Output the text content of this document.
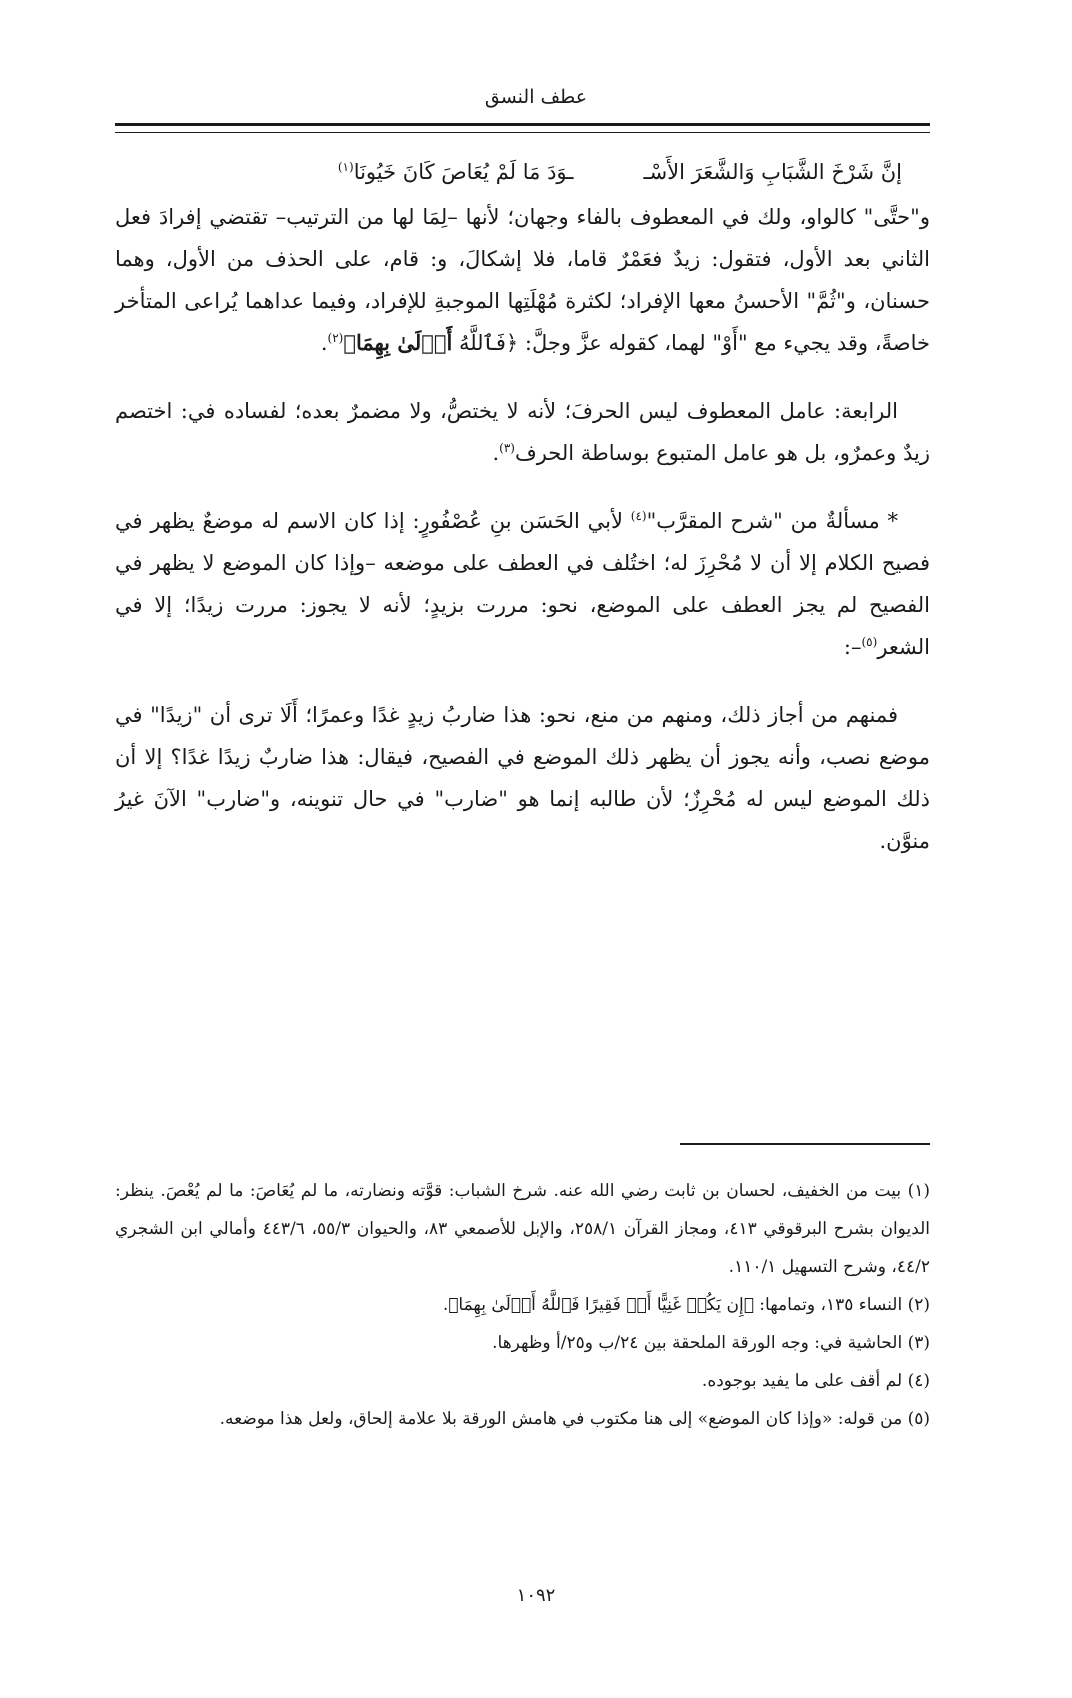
عطف النسق
إنَّ شَرْخَ الشَّبَابِ وَالشَّعَرَ الأَسْـ
ـوَدَ مَا لَمْ يُعَاصَ كَانَ خَيُونَا$^{(١)}$

و"حتَّى" كالواو، ولك في المعطوف بالفاء وجهان؛ لأنها –لِمَا لها من الترتيب– تقتضي إفرادَ فعل الثاني بعد الأول، فتقول: زيدٌ فعَمْرٌ قاما، فلا إشكالَ، و: قام، على الحذف من الأول، وهما حسنان، و"ثُمَّ" الأحسنُ معها الإفراد؛ لكثرة مُهْلَتِها الموجبةِ للإفراد، وفيما عداهما يُراعى المتأخر خاصةً، وقد يجيء مع "أَوْ" لهما، كقوله عزَّ وجلَّ: ﴿فَٱللَّهُ أَوۡلَىٰ بِهِمَا﴾$^{(٢)}$.

الرابعة: عامل المعطوف ليس الحرفَ؛ لأنه لا يختصُّ، ولا مضمرٌ بعده؛ لفساده في: اختصم زيدٌ وعمرٌو، بل هو عامل المتبوع بوساطة الحرف$^{(٣)}$.

* مسألةٌ من "شرح المقرَّب"$^{(٤)}$ لأبي الحَسَن بنِ عُصْفُورٍ: إذا كان الاسم له موضعٌ يظهر في فصيح الكلام إلا أن لا مُحْرِزَ له؛ اختُلف في العطف على موضعه –وإذا كان الموضع لا يظهر في الفصيح لم يجز العطف على الموضع، نحو: مررت بزيدٍ؛ لأنه لا يجوز: مررت زيدًا؛ إلا في الشعر$^{(٥)}$–:

فمنهم من أجاز ذلك، ومنهم من منع، نحو: هذا ضاربُ زيدٍ غدًا وعمرًا؛ أَلَا ترى أن "زيدًا" في موضع نصب، وأنه يجوز أن يظهر ذلك الموضع في الفصيح، فيقال: هذا ضاربٌ زيدًا غدًا؟ إلا أن ذلك الموضع ليس له مُحْرِزٌ؛ لأن طالبه إنما هو "ضارب" في حال تنوينه، و"ضارب" الآنَ غيرُ منوَّن.

(١) بيت من الخفيف، لحسان بن ثابت رضي الله عنه. شرخ الشباب: قوَّته ونضارته، ما لم يُعَاصَ: ما لم يُعْصَ. ينظر: الديوان بشرح البرقوقي ٤١٣، ومجاز القرآن ٢٥٨/١، والإبل للأصمعي ٨٣، والحيوان ٥٥/٣، ٤٤٣/٦ وأمالي ابن الشجري ٤٤/٢، وشرح التسهيل ١١٠/١.

(٢) النساء ١٣٥، وتمامها: ﴿إِن يَكُنۡ غَنِيًّا أَوۡ فَقِيرًا فَٱللَّهُ أَوۡلَىٰ بِهِمَا﴾.

(٣) الحاشية في: وجه الورقة الملحقة بين ٢٤/ب و٢٥/أ وظهرها.

(٤) لم أقف على ما يفيد بوجوده.

(٥) من قوله: «وإذا كان الموضع» إلى هنا مكتوب في هامش الورقة بلا علامة إلحاق، ولعل هذا موضعه.

١٠٩٢
